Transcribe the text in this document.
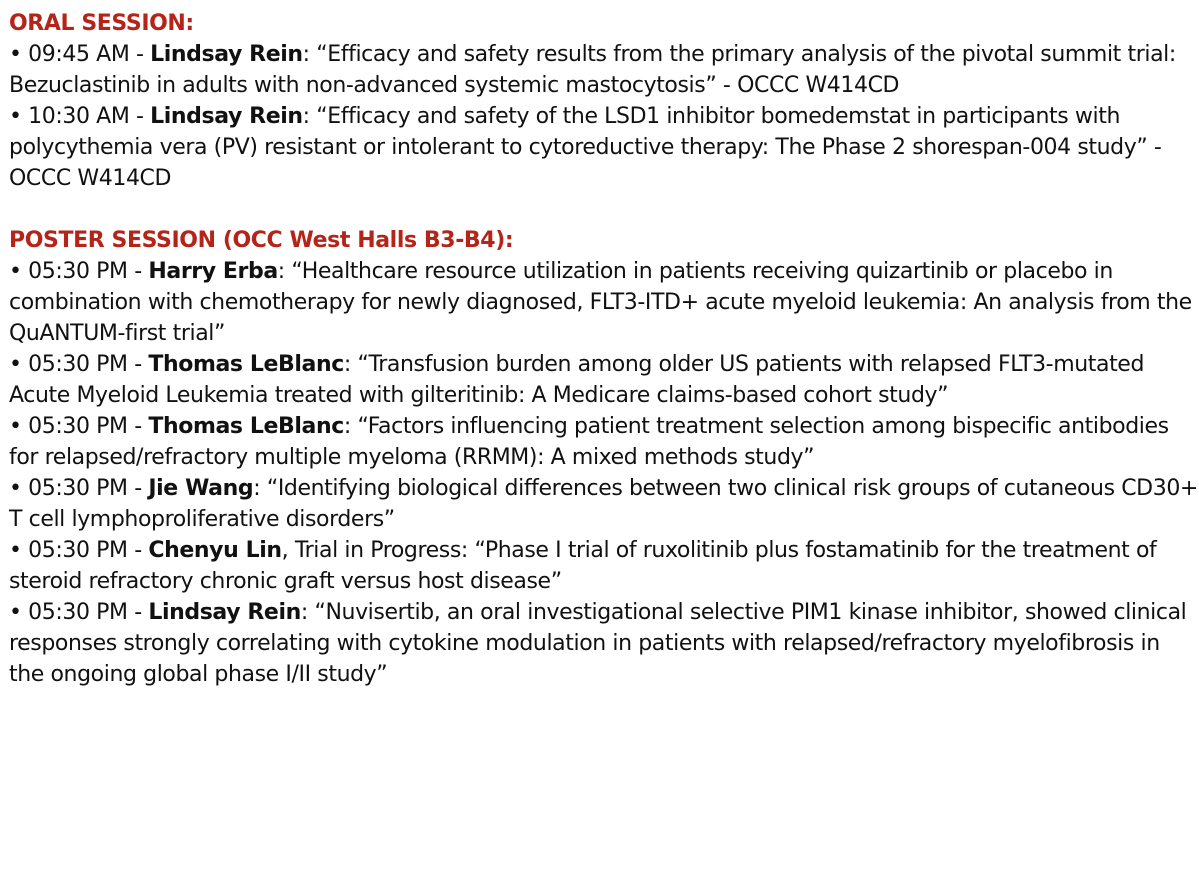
ORAL SESSION:

• 09:45 AM - Lindsay Rein: “Efficacy and safety results from the primary analysis of the pivotal summit trial: Bezuclastinib in adults with non-advanced systemic mastocytosis” - OCCC W414CD

• 10:30 AM - Lindsay Rein: “Efficacy and safety of the LSD1 inhibitor bomedemstat in participants with polycythemia vera (PV) resistant or intolerant to cytoreductive therapy: The Phase 2 shorespan-004 study” - OCCC W414CD

POSTER SESSION (OCC West Halls B3-B4):

• 05:30 PM - Harry Erba: “Healthcare resource utilization in patients receiving quizartinib or placebo in combination with chemotherapy for newly diagnosed, FLT3-ITD+ acute myeloid leukemia: An analysis from the QuANTUM-first trial”

• 05:30 PM - Thomas LeBlanc: “Transfusion burden among older US patients with relapsed FLT3-mutated Acute Myeloid Leukemia treated with gilteritinib: A Medicare claims-based cohort study”

• 05:30 PM - Thomas LeBlanc: “Factors influencing patient treatment selection among bispecific antibodies for relapsed/refractory multiple myeloma (RRMM): A mixed methods study”

• 05:30 PM - Jie Wang: “Identifying biological differences between two clinical risk groups of cutaneous CD30+ T cell lymphoproliferative disorders”

• 05:30 PM - Chenyu Lin, Trial in Progress: “Phase I trial of ruxolitinib plus fostamatinib for the treatment of steroid refractory chronic graft versus host disease”

• 05:30 PM - Lindsay Rein: “Nuvisertib, an oral investigational selective PIM1 kinase inhibitor, showed clinical responses strongly correlating with cytokine modulation in patients with relapsed/refractory myelofibrosis in the ongoing global phase I/II study”
